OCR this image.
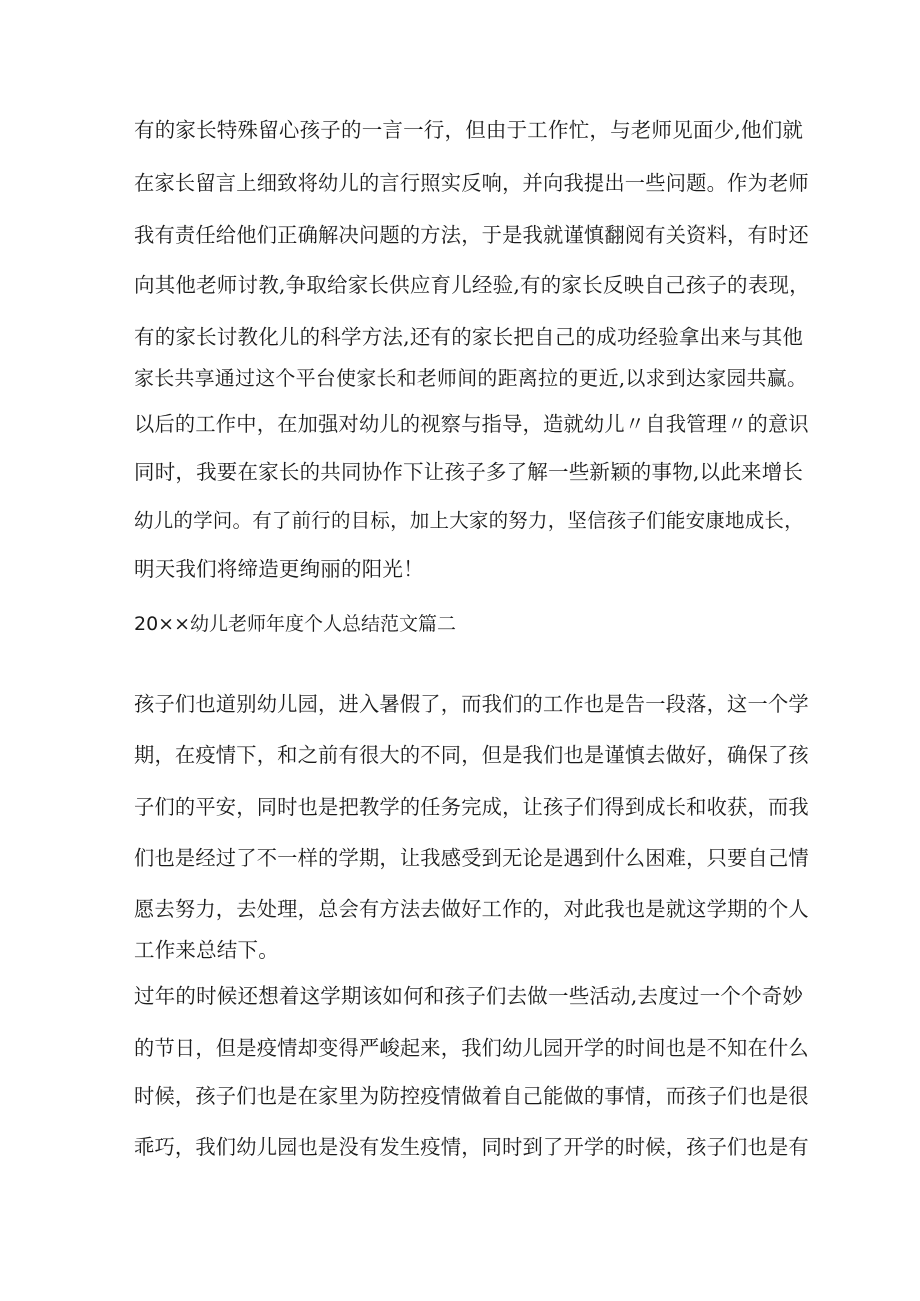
有的家长特殊留心孩子的一言一行，但由于工作忙，与老师见面少,他们就
在家长留言上细致将幼儿的言行照实反响，并向我提出一些问题。作为老师
我有责任给他们正确解决问题的方法，于是我就谨慎翻阅有关资料，有时还
向其他老师讨教,争取给家长供应育儿经验,有的家长反映自己孩子的表现，
有的家长讨教化儿的科学方法,还有的家长把自己的成功经验拿出来与其他
家长共享通过这个平台使家长和老师间的距离拉的更近,以求到达家园共赢。
以后的工作中，在加强对幼儿的视察与指导，造就幼儿〃自我管理〃的意识
同时，我要在家长的共同协作下让孩子多了解一些新颖的事物,以此来增长
幼儿的学问。有了前行的目标，加上大家的努力，坚信孩子们能安康地成长，
明天我们将缔造更绚丽的阳光！
20××幼儿老师年度个人总结范文篇二
孩子们也道别幼儿园，进入暑假了，而我们的工作也是告一段落，这一个学
期，在疫情下，和之前有很大的不同，但是我们也是谨慎去做好，确保了孩
子们的平安，同时也是把教学的任务完成，让孩子们得到成长和收获，而我
们也是经过了不一样的学期，让我感受到无论是遇到什么困难，只要自己情
愿去努力，去处理，总会有方法去做好工作的，对此我也是就这学期的个人
工作来总结下。
过年的时候还想着这学期该如何和孩子们去做一些活动,去度过一个个奇妙
的节日，但是疫情却变得严峻起来，我们幼儿园开学的时间也是不知在什么
时候，孩子们也是在家里为防控疫情做着自己能做的事情，而孩子们也是很
乖巧，我们幼儿园也是没有发生疫情，同时到了开学的时候，孩子们也是有
